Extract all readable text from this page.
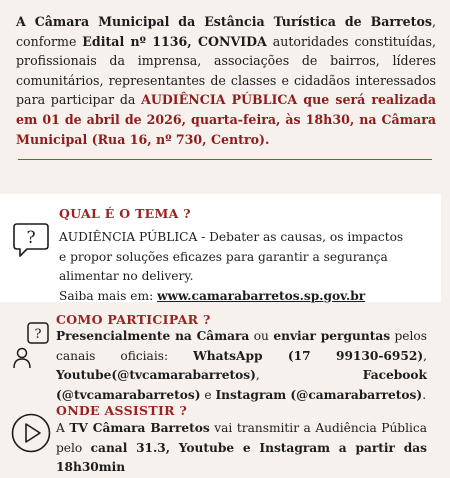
A Câmara Municipal da Estância Turística de Barretos, conforme Edital nº 1136, CONVIDA autoridades constituídas, profissionais da imprensa, associações de bairros, líderes comunitários, representantes de classes e cidadãos interessados para participar da AUDIÊNCIA PÚBLICA que será realizada em 01 de abril de 2026, quarta-feira, às 18h30, na Câmara Municipal (Rua 16, nº 730, Centro).
?
QUAL É O TEMA ?
AUDIÊNCIA PÚBLICA - Debater as causas, os impactos e propor soluções eficazes para garantir a segurança alimentar no delivery.
Saiba mais em: www.camarabarretos.sp.gov.br
?
COMO PARTICIPAR ?
Presencialmente na Câmara ou enviar perguntas pelos canais oficiais: WhatsApp (17 99130-6952), Youtube(@tvcamarabarretos), Facebook (@tvcamarabarretos) e Instagram (@camarabarretos).
ONDE ASSISTIR ?
A TV Câmara Barretos vai transmitir a Audiência Pública pelo canal 31.3, Youtube e Instagram a partir das 18h30min
